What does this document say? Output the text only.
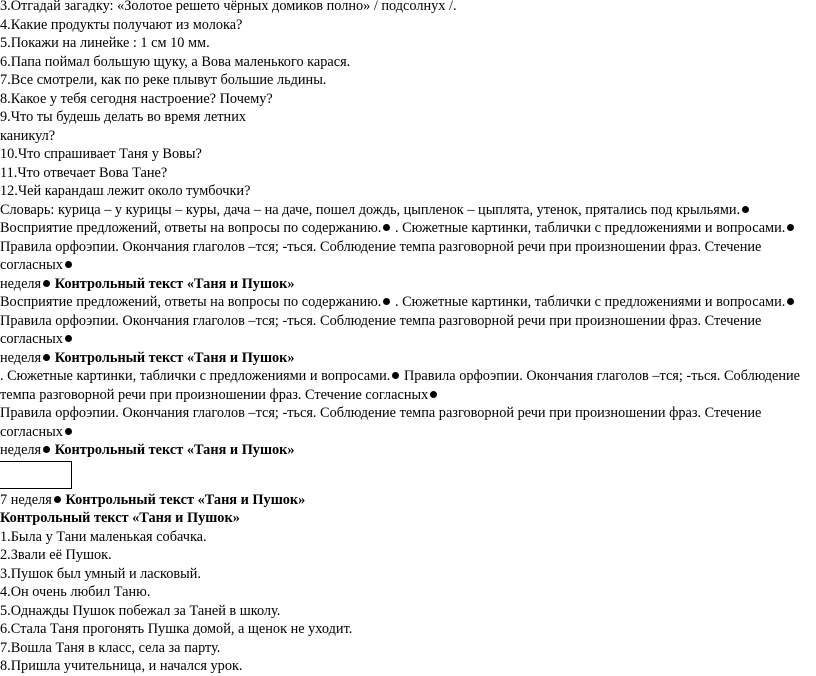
3.Отгадай загадку: «Золотое решето чёрных домиков полно» / подсолнух /.
4.Какие продукты получают из молока?
5.Покажи на линейке : 1 см 10 мм.
6.Папа поймал большую щуку, а Вова маленького карася.
7.Все смотрели, как по реке плывут большие льдины.
8.Какое у тебя сегодня настроение? Почему?
9.Что ты будешь делать во время летних
каникул?
10.Что спрашивает Таня у Вовы?
11.Что отвечает Вова Тане?
12.Чей карандаш лежит около тумбочки?
Словарь: курица – у курицы – куры, дача – на даче, пошел дождь, цыпленок – цыплята, утенок, прятались под крыльями. Восприятие предложений, ответы на вопросы по содержанию. . Сюжетные картинки, таблички с предложениями и вопросами. Правила орфоэпии. Окончания глаголов –тся; -ться. Соблюдение темпа разговорной речи при произношении фраз. Стечение согласных
неделя Контрольный текст «Таня и Пушок»
Восприятие предложений, ответы на вопросы по содержанию. . Сюжетные картинки, таблички с предложениями и вопросами. Правила орфоэпии. Окончания глаголов –тся; -ться. Соблюдение темпа разговорной речи при произношении фраз. Стечение согласных
неделя Контрольный текст «Таня и Пушок»
. Сюжетные картинки, таблички с предложениями и вопросами. Правила орфоэпии. Окончания глаголов –тся; -ться. Соблюдение темпа разговорной речи при произношении фраз. Стечение согласных
Правила орфоэпии. Окончания глаголов –тся; -ться. Соблюдение темпа разговорной речи при произношении фраз. Стечение согласных
неделя Контрольный текст «Таня и Пушок»
7 неделя Контрольный текст «Таня и Пушок»
Контрольный текст «Таня и Пушок»
1.Была у Тани маленькая собачка.
2.Звали её Пушок.
3.Пушок был умный и ласковый.
4.Он очень любил Таню.
5.Однажды Пушок побежал за Таней в школу.
6.Стала Таня прогонять Пушка домой, а щенок не уходит.
7.Вошла Таня в класс, села за парту.
8.Пришла учительница, и начался урок.
